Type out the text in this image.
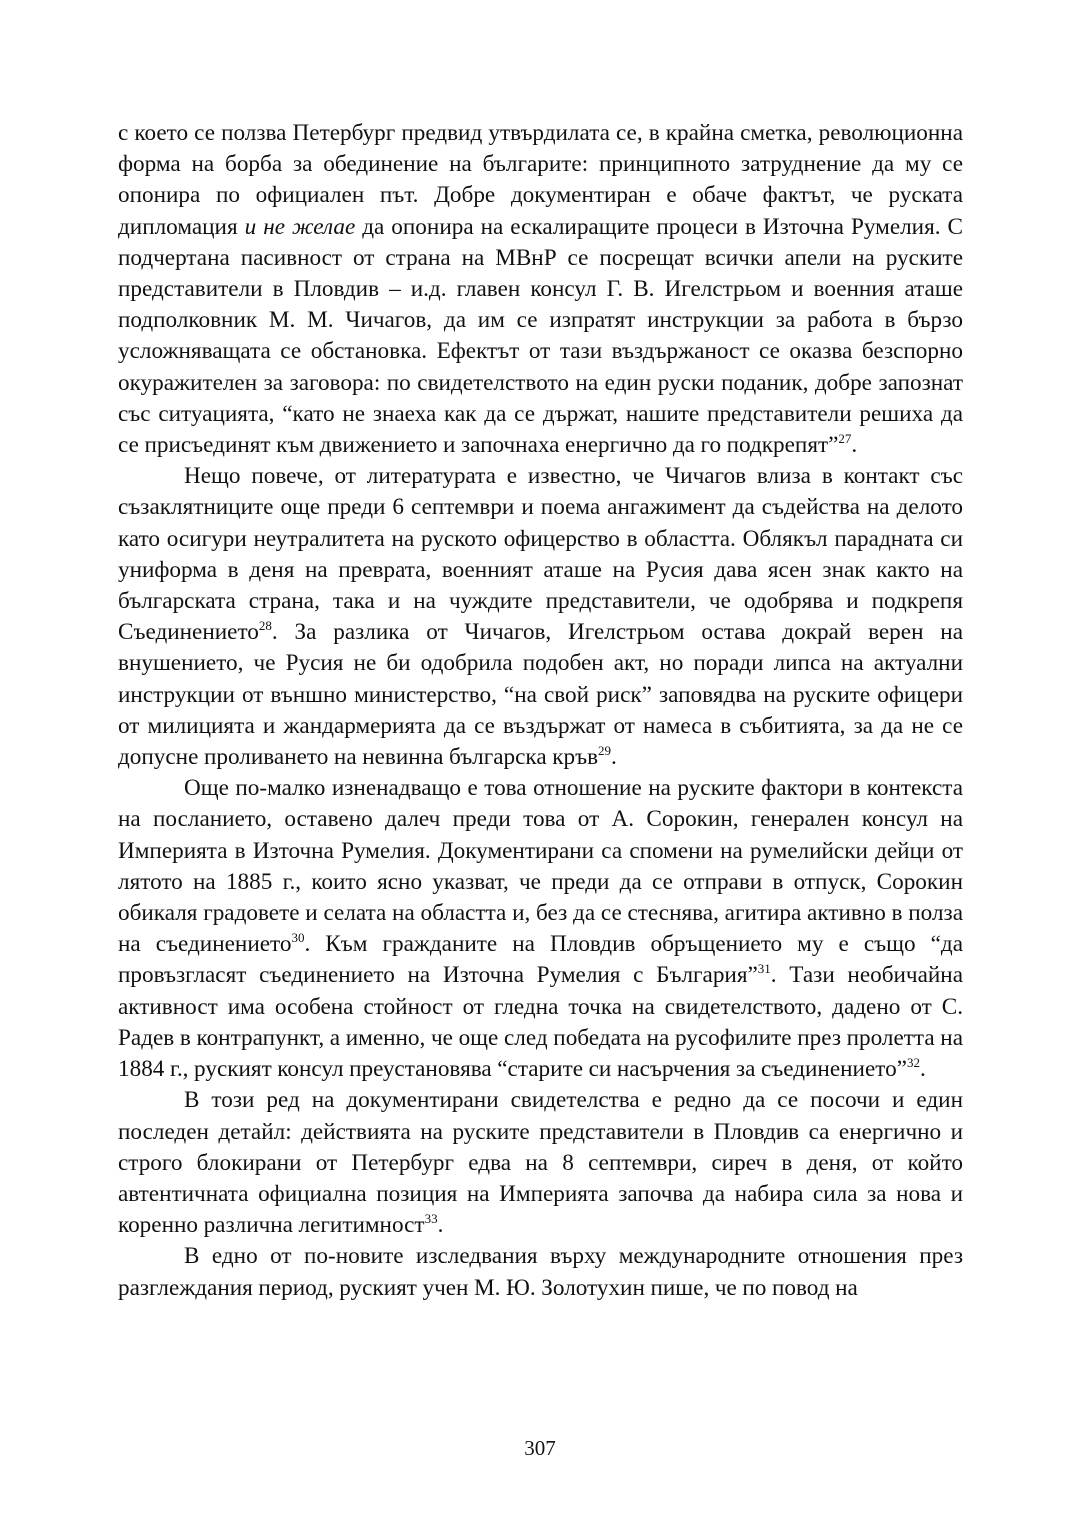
с което се ползва Петербург предвид утвърдилата се, в крайна сметка, революционна форма на борба за обединение на българите: принципното затруднение да му се опонира по официален път. Добре документиран е обаче фактът, че руската дипломация и не желае да опонира на ескалиращите процеси в Източна Румелия. С подчертана пасивност от страна на МВнР се посрещат всички апели на руските представители в Пловдив – и.д. главен консул Г. В. Игелстрьом и военния аташе подполковник М. М. Чичагов, да им се изпратят инструкции за работа в бързо усложняващата се обстановка. Ефектът от тази въздържаност се оказва безспорно окуражителен за заговора: по свидетелството на един руски поданик, добре запознат със ситуацията, “като не знаеха как да се държат, нашите представители решиха да се присъединят към движението и започнаха енергично да го подкрепят”$^{27}$.

Нещо повече, от литературата е известно, че Чичагов влиза в контакт със съзаклятниците още преди 6 септември и поема ангажимент да съдейства на делото като осигури неутралитета на руското офицерство в областта. Облякъл парадната си униформа в деня на преврата, военният аташе на Русия дава ясен знак както на българската страна, така и на чуждите представители, че одобрява и подкрепя Съединението$^{28}$. За разлика от Чичагов, Игелстрьом остава докрай верен на внушението, че Русия не би одобрила подобен акт, но поради липса на актуални инструкции от външно министерство, “на свой риск” заповядва на руските офицери от милицията и жандармерията да се въздържат от намеса в събитията, за да не се допусне проливането на невинна българска кръв$^{29}$.

Още по-малко изненадващо е това отношение на руските фактори в контекста на посланието, оставено далеч преди това от А. Сорокин, генерален консул на Империята в Източна Румелия. Документирани са спомени на румелийски дейци от лятото на 1885 г., които ясно указват, че преди да се отправи в отпуск, Сорокин обикаля градовете и селата на областта и, без да се стеснява, агитира активно в полза на съединението$^{30}$. Към гражданите на Пловдив обръщението му е също “да провъзгласят съединението на Източна Румелия с България”$^{31}$. Тази необичайна активност има особена стойност от гледна точка на свидетелството, дадено от С. Радев в контрапункт, а именно, че още след победата на русофилите през пролетта на 1884 г., руският консул преустановява “старите си насърчения за съединението”$^{32}$.

В този ред на документирани свидетелства е редно да се посочи и един последен детайл: действията на руските представители в Пловдив са енергично и строго блокирани от Петербург едва на 8 септември, сиреч в деня, от който автентичната официална позиция на Империята започва да набира сила за нова и коренно различна легитимност$^{33}$.

В едно от по-новите изследвания върху международните отношения през разглеждания период, руският учен М. Ю. Золотухин пише, че по повод на

307
